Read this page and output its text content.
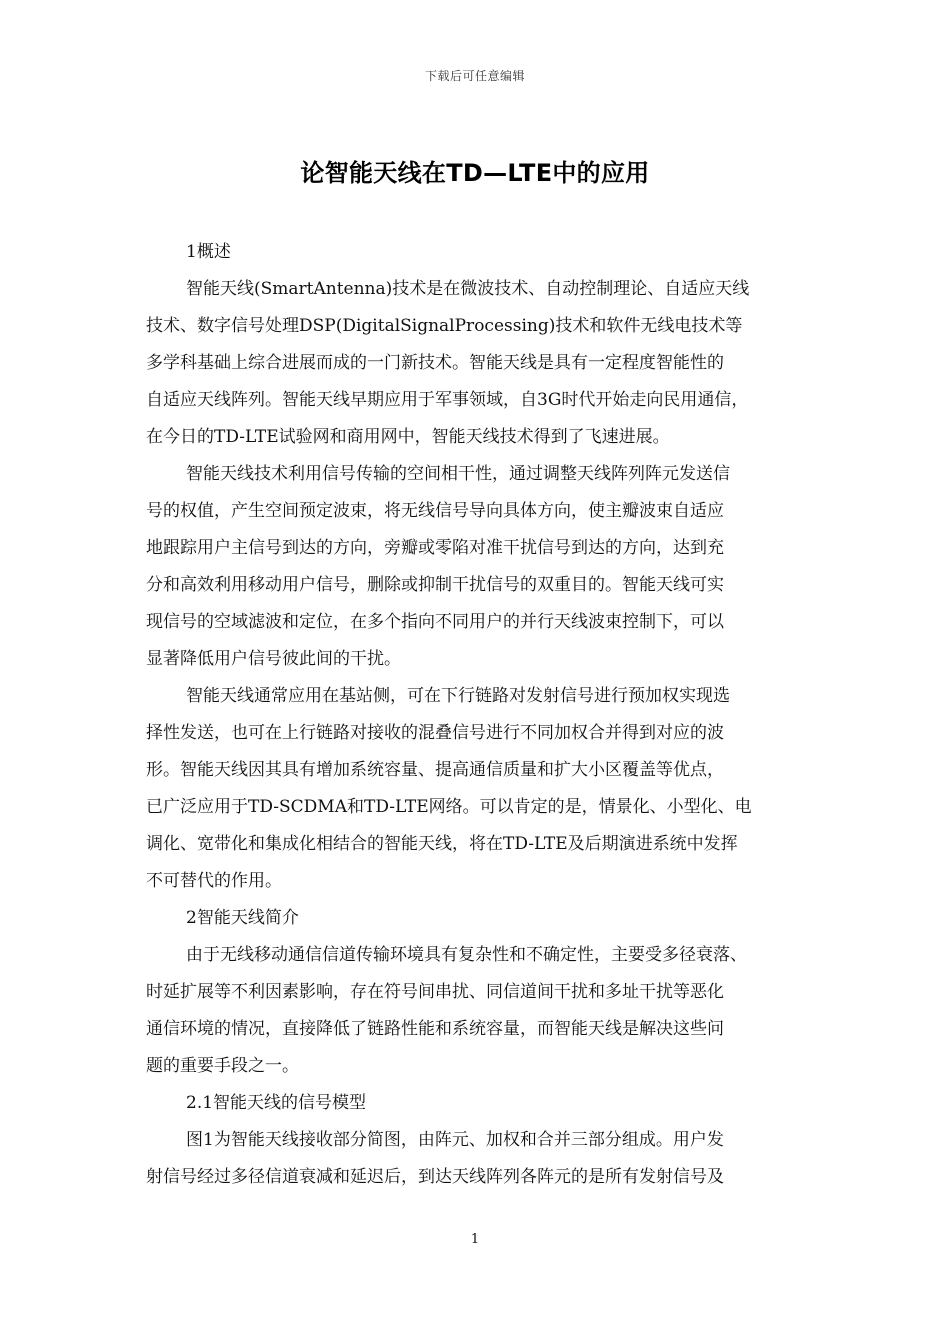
下载后可任意编辑
论智能天线在TD—LTE中的应用
1概述
智能天线(SmartAntenna)技术是在微波技术、自动控制理论、自适应天线
技术、数字信号处理DSP(DigitalSignalProcessing)技术和软件无线电技术等
多学科基础上综合进展而成的一门新技术。智能天线是具有一定程度智能性的
自适应天线阵列。智能天线早期应用于军事领域，自3G时代开始走向民用通信，
在今日的TD-LTE试验网和商用网中，智能天线技术得到了飞速进展。
智能天线技术利用信号传输的空间相干性，通过调整天线阵列阵元发送信
号的权值，产生空间预定波束，将无线信号导向具体方向，使主瓣波束自适应
地跟踪用户主信号到达的方向，旁瓣或零陷对准干扰信号到达的方向，达到充
分和高效利用移动用户信号，删除或抑制干扰信号的双重目的。智能天线可实
现信号的空域滤波和定位，在多个指向不同用户的并行天线波束控制下，可以
显著降低用户信号彼此间的干扰。
智能天线通常应用在基站侧，可在下行链路对发射信号进行预加权实现选
择性发送，也可在上行链路对接收的混叠信号进行不同加权合并得到对应的波
形。智能天线因其具有增加系统容量、提高通信质量和扩大小区覆盖等优点，
已广泛应用于TD-SCDMA和TD-LTE网络。可以肯定的是，情景化、小型化、电
调化、宽带化和集成化相结合的智能天线，将在TD-LTE及后期演进系统中发挥
不可替代的作用。
2智能天线简介
由于无线移动通信信道传输环境具有复杂性和不确定性，主要受多径衰落、
时延扩展等不利因素影响，存在符号间串扰、同信道间干扰和多址干扰等恶化
通信环境的情况，直接降低了链路性能和系统容量，而智能天线是解决这些问
题的重要手段之一。
2.1智能天线的信号模型
图1为智能天线接收部分简图，由阵元、加权和合并三部分组成。用户发
射信号经过多径信道衰减和延迟后，到达天线阵列各阵元的是所有发射信号及
1
